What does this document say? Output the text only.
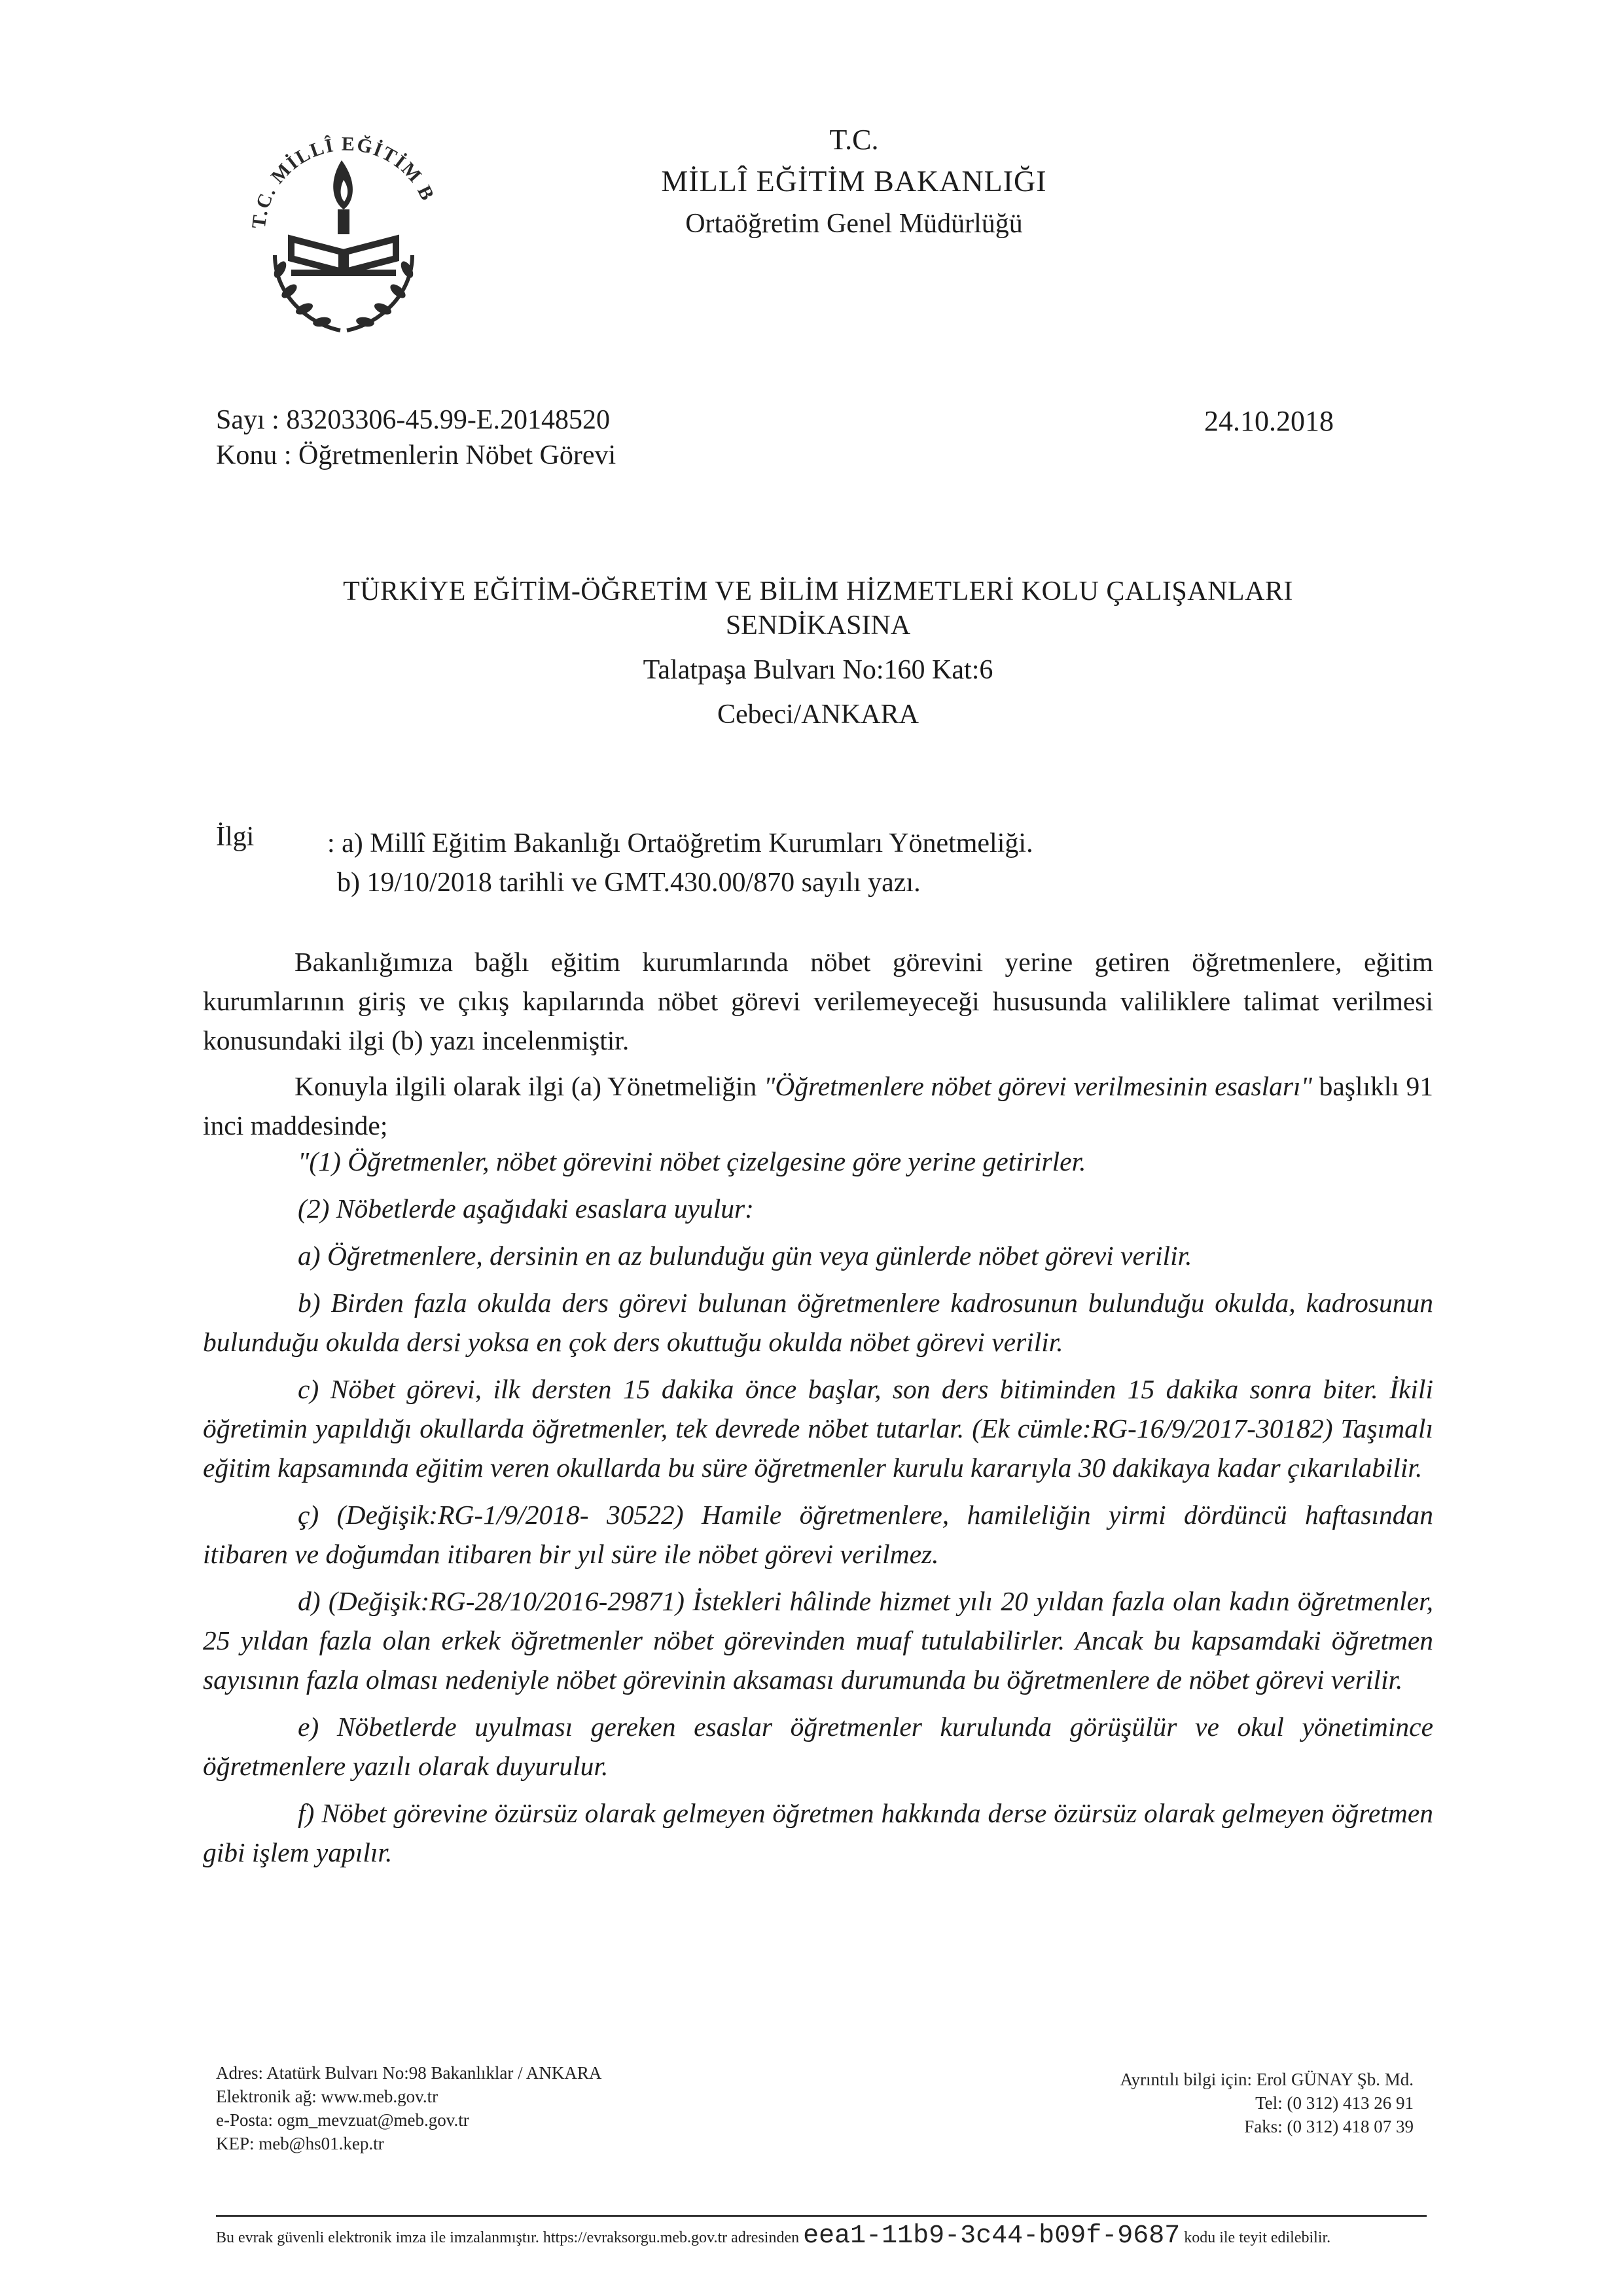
T.C. MİLLÎ EĞİTİM B
T.C.
MİLLÎ EĞİTİM BAKANLIĞI
Ortaöğretim Genel Müdürlüğü
Sayı : 83203306-45.99-E.20148520
Konu : Öğretmenlerin Nöbet Görevi
24.10.2018
TÜRKİYE EĞİTİM-ÖĞRETİM VE BİLİM HİZMETLERİ KOLU ÇALIŞANLARI
SENDİKASINA
Talatpaşa Bulvarı No:160 Kat:6
Cebeci/ANKARA
İlgi	: a) Millî Eğitim Bakanlığı Ortaöğretim Kurumları Yönetmeliği.
b) 19/10/2018 tarihli ve GMT.430.00/870 sayılı yazı.
Bakanlığımıza bağlı eğitim kurumlarında nöbet görevini yerine getiren öğretmenlere, eğitim kurumlarının giriş ve çıkış kapılarında nöbet görevi verilemeyeceği hususunda valiliklere talimat verilmesi konusundaki ilgi (b) yazı incelenmiştir.
Konuyla ilgili olarak ilgi (a) Yönetmeliğin "Öğretmenlere nöbet görevi verilmesinin esasları" başlıklı 91 inci maddesinde;

"(1) Öğretmenler, nöbet görevini nöbet çizelgesine göre yerine getirirler.

(2) Nöbetlerde aşağıdaki esaslara uyulur:

a) Öğretmenlere, dersinin en az bulunduğu gün veya günlerde nöbet görevi verilir.

b) Birden fazla okulda ders görevi bulunan öğretmenlere kadrosunun bulunduğu okulda, kadrosunun bulunduğu okulda dersi yoksa en çok ders okuttuğu okulda nöbet görevi verilir.

c) Nöbet görevi, ilk dersten 15 dakika önce başlar, son ders bitiminden 15 dakika sonra biter. İkili öğretimin yapıldığı okullarda öğretmenler, tek devrede nöbet tutarlar. (Ek cümle:RG-16/9/2017-30182) Taşımalı eğitim kapsamında eğitim veren okullarda bu süre öğretmenler kurulu kararıyla 30 dakikaya kadar çıkarılabilir.

ç) (Değişik:RG-1/9/2018- 30522) Hamile öğretmenlere, hamileliğin yirmi dördüncü haftasından itibaren ve doğumdan itibaren bir yıl süre ile nöbet görevi verilmez.

d) (Değişik:RG-28/10/2016-29871) İstekleri hâlinde hizmet yılı 20 yıldan fazla olan kadın öğretmenler, 25 yıldan fazla olan erkek öğretmenler nöbet görevinden muaf tutulabilirler. Ancak bu kapsamdaki öğretmen sayısının fazla olması nedeniyle nöbet görevinin aksaması durumunda bu öğretmenlere de nöbet görevi verilir.

e) Nöbetlerde uyulması gereken esaslar öğretmenler kurulunda görüşülür ve okul yönetimince öğretmenlere yazılı olarak duyurulur.

f) Nöbet görevine özürsüz olarak gelmeyen öğretmen hakkında derse özürsüz olarak gelmeyen öğretmen gibi işlem yapılır.

Adres: Atatürk Bulvarı No:98 Bakanlıklar / ANKARA
Elektronik ağ: www.meb.gov.tr
e-Posta: ogm_mevzuat@meb.gov.tr
KEP: meb@hs01.kep.tr
Ayrıntılı bilgi için: Erol GÜNAY Şb. Md.
Tel: (0 312) 413 26 91
Faks: (0 312) 418 07 39
Bu evrak güvenli elektronik imza ile imzalanmıştır. https://evraksorgu.meb.gov.tr adresinden eea1-11b9-3c44-b09f-9687 kodu ile teyit edilebilir.
